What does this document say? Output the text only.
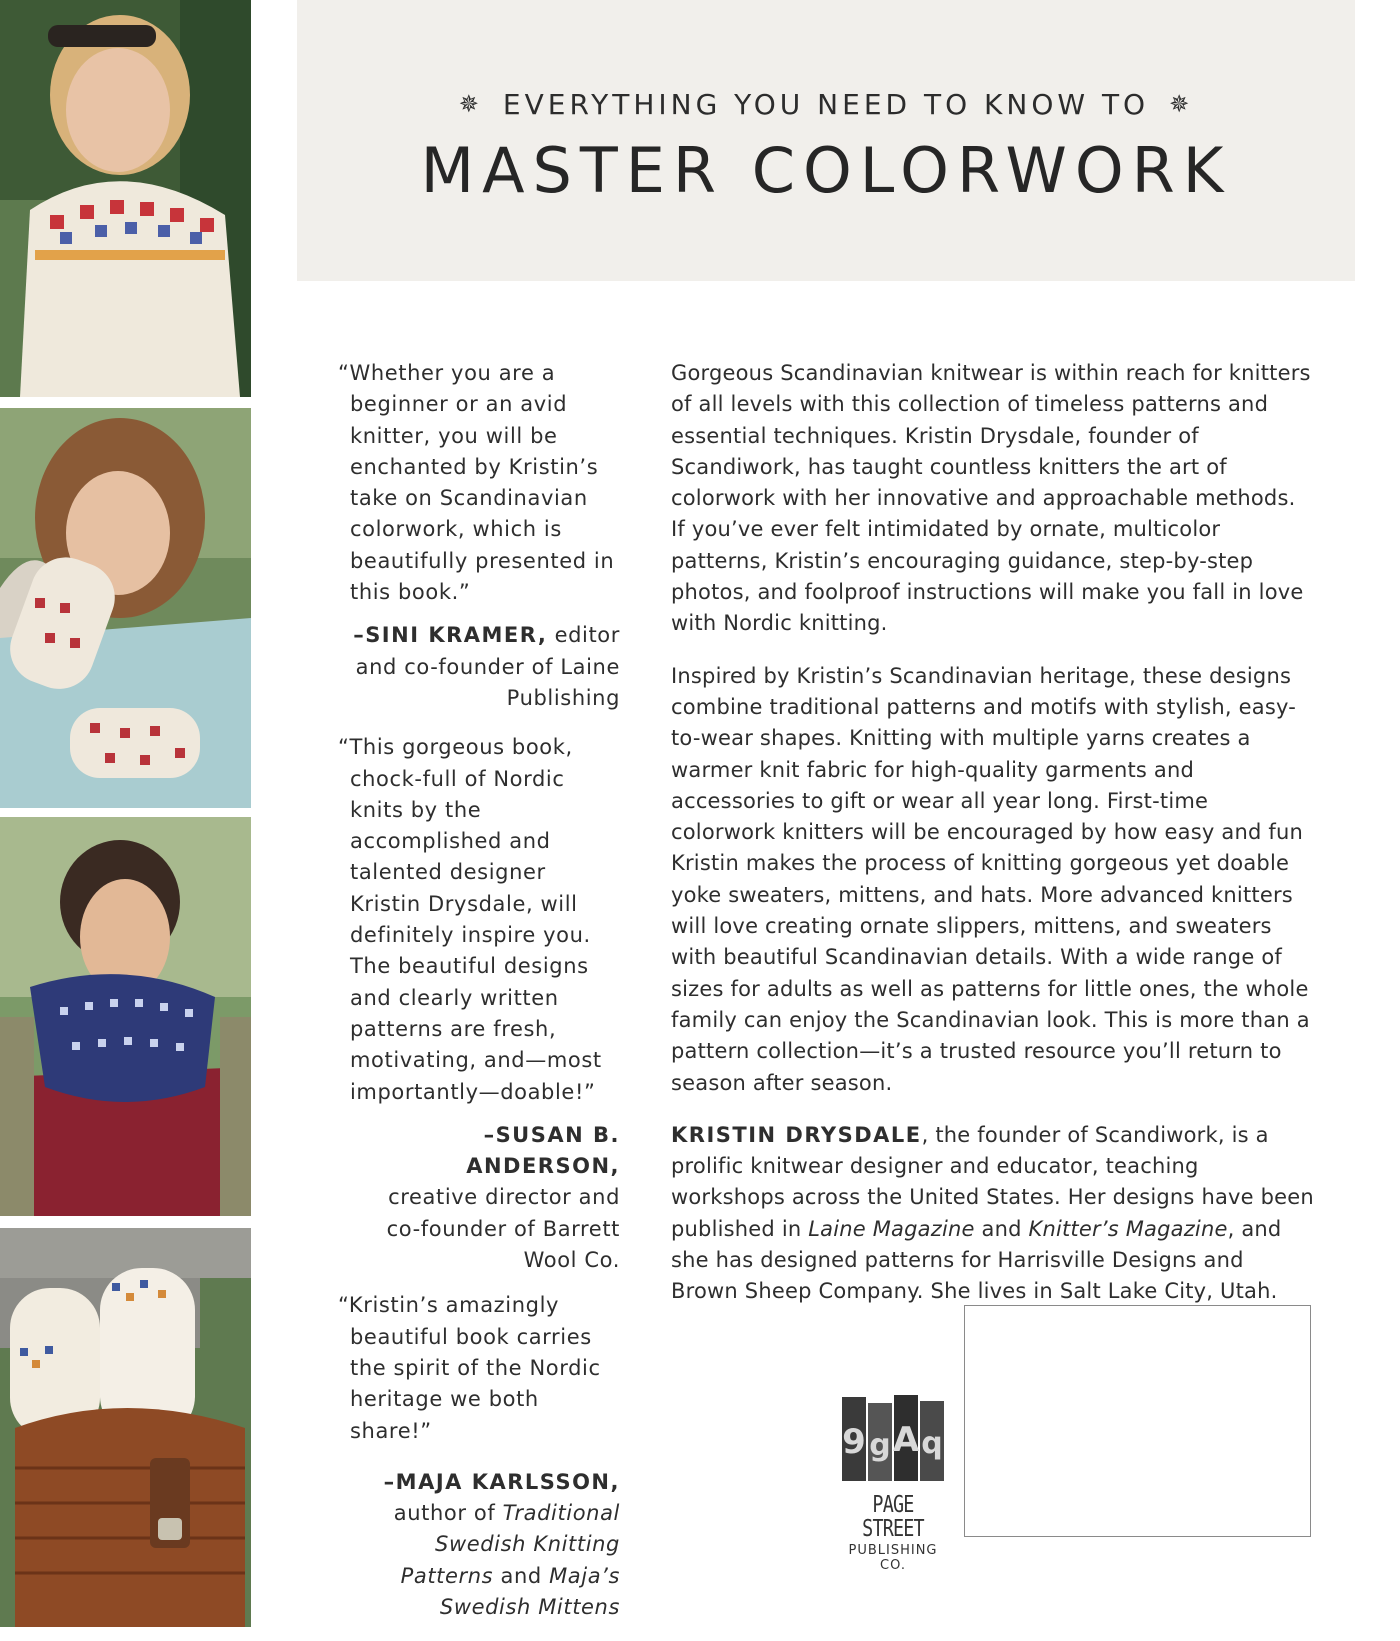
✵ EVERYTHING YOU NEED TO KNOW TO ✵
MASTER COLORWORK

“Whether you are a beginner or an avid knitter, you will be enchanted by Kristin’s take on Scandinavian colorwork, which is beautifully presented in this book.”

–SINI KRAMER, editor
and co-founder of Laine
Publishing

“This gorgeous book, chock-full of Nordic knits by the accomplished and talented designer Kristin Drysdale, will definitely inspire you. The beautiful designs and clearly written patterns are fresh, motivating, and—most importantly—doable!”

–SUSAN B. ANDERSON,
creative director and
co-founder of Barrett
Wool Co.

“Kristin’s amazingly beautiful book carries the spirit of the Nordic heritage we both share!”

–MAJA KARLSSON,
author of Traditional
Swedish Knitting
Patterns and Maja’s
Swedish Mittens

Gorgeous Scandinavian knitwear is within reach for knitters of all levels with this collection of timeless patterns and essential techniques. Kristin Drysdale, founder of Scandiwork, has taught countless knitters the art of colorwork with her innovative and approachable methods. If you’ve ever felt intimidated by ornate, multicolor patterns, Kristin’s encouraging guidance, step-by-step photos, and foolproof instructions will make you fall in love with Nordic knitting.

Inspired by Kristin’s Scandinavian heritage, these designs combine traditional patterns and motifs with stylish, easy-to-wear shapes. Knitting with multiple yarns creates a warmer knit fabric for high-quality garments and accessories to gift or wear all year long. First-time colorwork knitters will be encouraged by how easy and fun Kristin makes the process of knitting gorgeous yet doable yoke sweaters, mittens, and hats. More advanced knitters will love creating ornate slippers, mittens, and sweaters with beautiful Scandinavian details. With a wide range of sizes for adults as well as patterns for little ones, the whole family can enjoy the Scandinavian look. This is more than a pattern collection—it’s a trusted resource you’ll return to season after season.

KRISTIN DRYSDALE, the founder of Scandiwork, is a prolific knitwear designer and educator, teaching workshops across the United States. Her designs have been published in Laine Magazine and Knitter’s Magazine, and she has designed patterns for Harrisville Designs and Brown Sheep Company. She lives in Salt Lake City, Utah.

9 g A q
PAGE STREET
PUBLISHING CO.
